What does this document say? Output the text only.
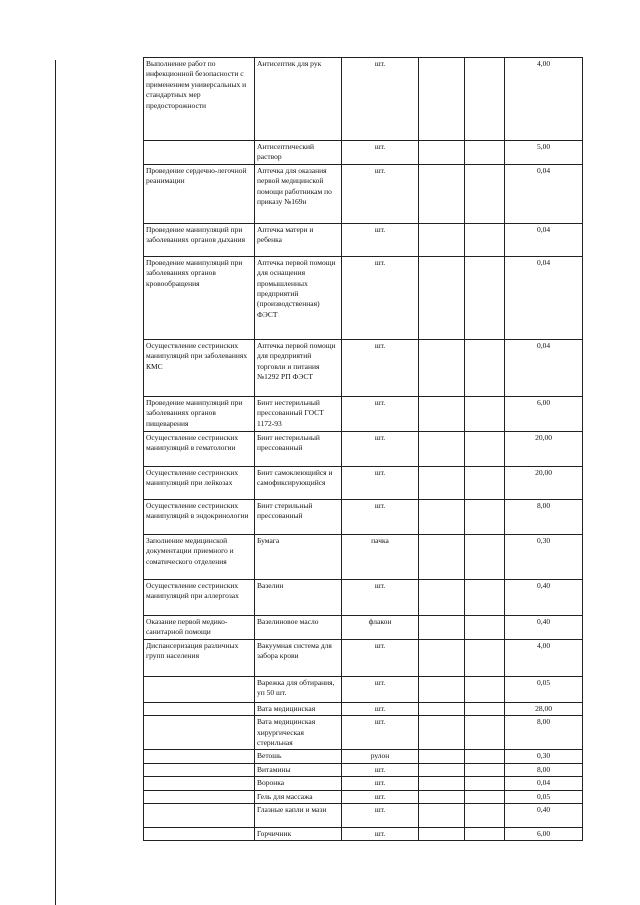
Выполнение работ по инфекционной безопасности с применением универсальных и стандартных мер предосторожности	Антисептик для рук	шт.			4,00
	Антисептический раствор	шт.			5,00
Проведение сердечно-легочной реанимации	Аптечка для оказания первой медицинской помощи работникам по приказу №169н	шт.			0,04
Проведение манипуляций при заболеваниях органов дыхания	Аптечка матери и ребенка	шт.			0,04
Проведение манипуляций при заболеваниях органов кровообращения	Аптечка первой помощи для оснащения промышленных предприятий (производственная) ФЭСТ	шт.			0,04
Осуществление сестринских манипуляций при заболеваниях КМС	Аптечка первой помощи для предприятий торговли и питания №1292 РП ФЭСТ	шт.			0,04
Проведение манипуляций при заболеваниях органов пищеварения	Бинт нестерильный прессованный ГОСТ 1172-93	шт.			6,00
Осуществление сестринских манипуляций в гематологии	Бинт нестерильный прессованный	шт.			20,00
Осуществление сестринских манипуляций при лейкозах	Бинт самоклеющийся и самофиксирующийся	шт.			20,00
Осуществление сестринских манипуляций в эндокринологии	Бинт стерильный прессованный	шт.			8,00
Заполнение медицинской документации приемного и соматического отделения	Бумага	пачка			0,30
Осуществление сестринских манипуляций при аллергозах	Вазелин	шт.			0,40
Оказание первой медико-санитарной помощи	Вазелиновое масло	флакон			0,40
Диспансеризация различных групп населения	Вакуумная система для забора крови	шт.			4,00
	Варежка для обтирания, уп 50 шт.	шт.			0,05
	Вата медицинская	шт.			28,00
	Вата медицинская хирургическая стерильная	шт.			8,00
	Ветошь	рулон			0,30
	Витамины	шт.			8,00
	Воронка	шт.			0,04
	Гель для массажа	шт.			0,05
	Глазные капли и мази	шт.			0,40
	Горчичник	шт.			6,00
